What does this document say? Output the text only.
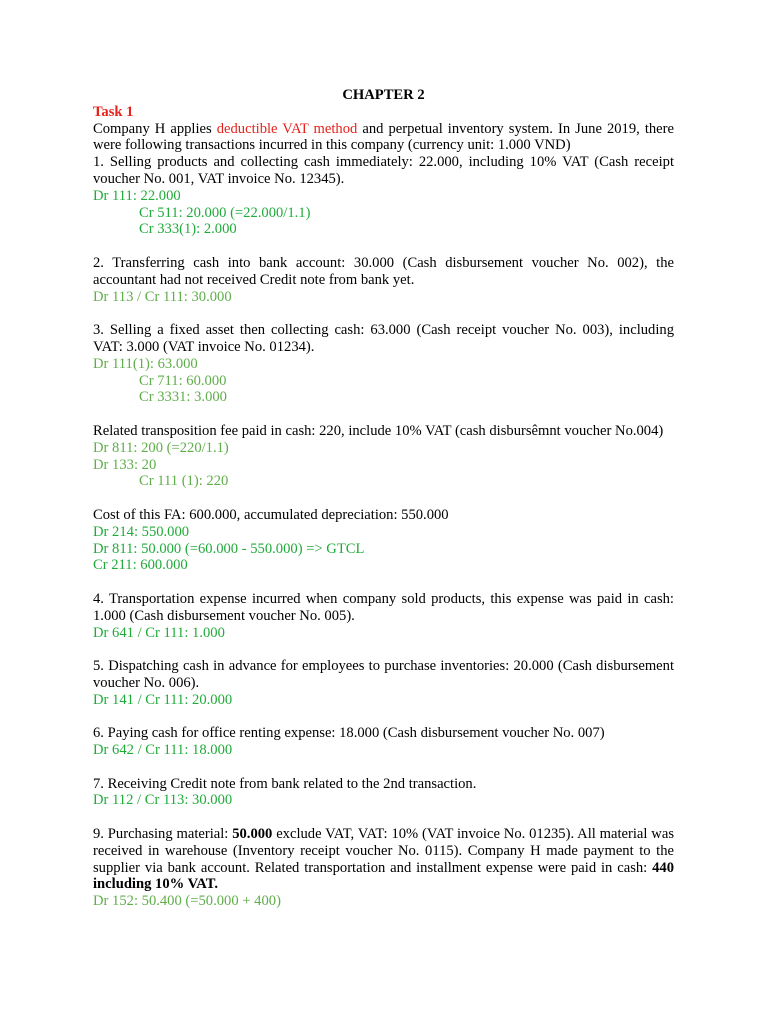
CHAPTER 2

Task 1

Company H applies deductible VAT method and perpetual inventory system. In June 2019, there were following transactions incurred in this company (currency unit: 1.000 VND)

1. Selling products and collecting cash immediately: 22.000, including 10% VAT (Cash receipt voucher No. 001, VAT invoice No. 12345).

Dr 111: 22.000

Cr 511: 20.000 (=22.000/1.1)

Cr 333(1): 2.000

2. Transferring cash into bank account: 30.000 (Cash disbursement voucher No. 002), the accountant had not received Credit note from bank yet.

Dr 113 / Cr 111: 30.000

3. Selling a fixed asset then collecting cash: 63.000 (Cash receipt voucher No. 003), including VAT: 3.000 (VAT invoice No. 01234).

Dr 111(1): 63.000

Cr 711: 60.000

Cr 3331: 3.000

Related transposition fee paid in cash: 220, include 10% VAT (cash disbursêmnt voucher No.004)

Dr 811: 200 (=220/1.1)

Dr 133: 20

Cr 111 (1): 220

Cost of this FA: 600.000, accumulated depreciation: 550.000

Dr 214: 550.000

Dr 811: 50.000 (=60.000 - 550.000) => GTCL

Cr 211: 600.000

4. Transportation expense incurred when company sold products, this expense was paid in cash: 1.000 (Cash disbursement voucher No. 005).

Dr 641 / Cr 111: 1.000

5. Dispatching cash in advance for employees to purchase inventories: 20.000 (Cash disbursement voucher No. 006).

Dr 141 / Cr 111: 20.000

6. Paying cash for office renting expense: 18.000 (Cash disbursement voucher No. 007)

Dr 642 / Cr 111: 18.000

7. Receiving Credit note from bank related to the 2nd transaction.

Dr 112 / Cr 113: 30.000

9. Purchasing material: 50.000 exclude VAT, VAT: 10% (VAT invoice No. 01235). All material was received in warehouse (Inventory receipt voucher No. 0115). Company H made payment to the supplier via bank account. Related transportation and installment expense were paid in cash: 440 including 10% VAT.

Dr 152: 50.400 (=50.000 + 400)
